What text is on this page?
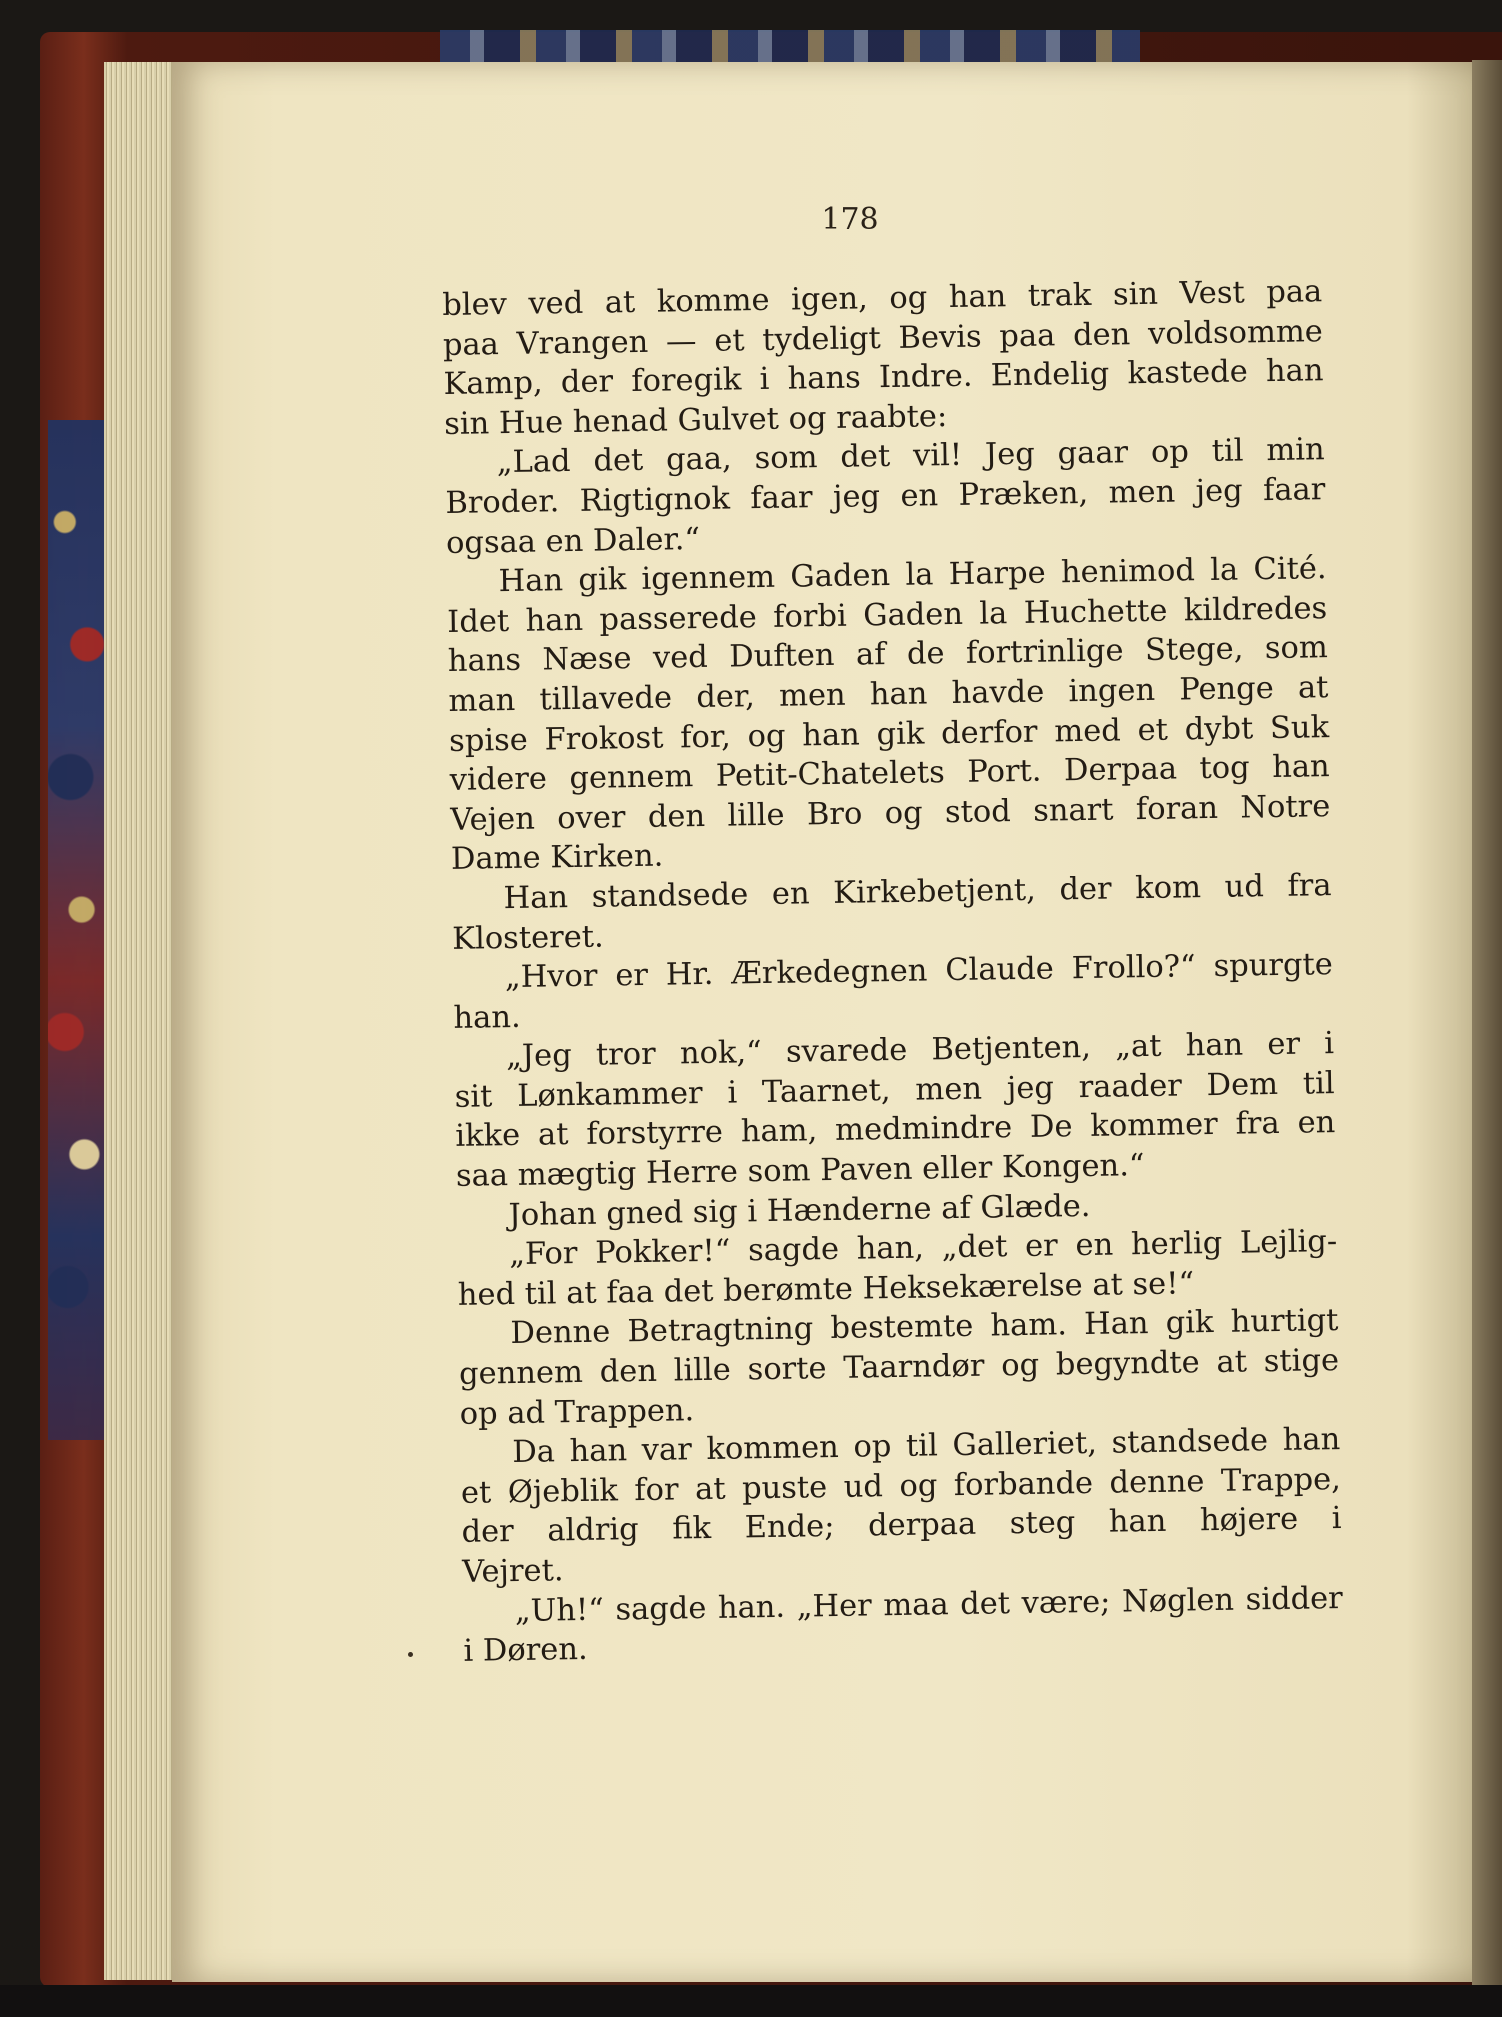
178
blev ved at komme igen, og han trak sin Vest paa
paa Vrangen — et tydeligt Bevis paa den voldsomme
Kamp, der foregik i hans Indre. Endelig kastede han
sin Hue henad Gulvet og raabte:
„Lad det gaa, som det vil! Jeg gaar op til min
Broder. Rigtignok faar jeg en Præken, men jeg faar
ogsaa en Daler.“
Han gik igennem Gaden la Harpe henimod la Cité.
Idet han passerede forbi Gaden la Huchette kildredes
hans Næse ved Duften af de fortrinlige Stege, som
man tillavede der, men han havde ingen Penge at
spise Frokost for, og han gik derfor med et dybt Suk
videre gennem Petit-Chatelets Port. Derpaa tog han
Vejen over den lille Bro og stod snart foran Notre
Dame Kirken.
Han standsede en Kirkebetjent, der kom ud fra
Klosteret.
„Hvor er Hr. Ærkedegnen Claude Frollo?“ spurgte
han.
„Jeg tror nok,“ svarede Betjenten, „at han er i
sit Lønkammer i Taarnet, men jeg raader Dem til
ikke at forstyrre ham, medmindre De kommer fra en
saa mægtig Herre som Paven eller Kongen.“
Johan gned sig i Hænderne af Glæde.
„For Pokker!“ sagde han, „det er en herlig Lejlig-
hed til at faa det berømte Heksekærelse at se!“
Denne Betragtning bestemte ham. Han gik hurtigt
gennem den lille sorte Taarndør og begyndte at stige
op ad Trappen.
Da han var kommen op til Galleriet, standsede han
et Øjeblik for at puste ud og forbande denne Trappe,
der aldrig fik Ende; derpaa steg han højere i
Vejret.
„Uh!“ sagde han. „Her maa det være; Nøglen sidder
i Døren.
